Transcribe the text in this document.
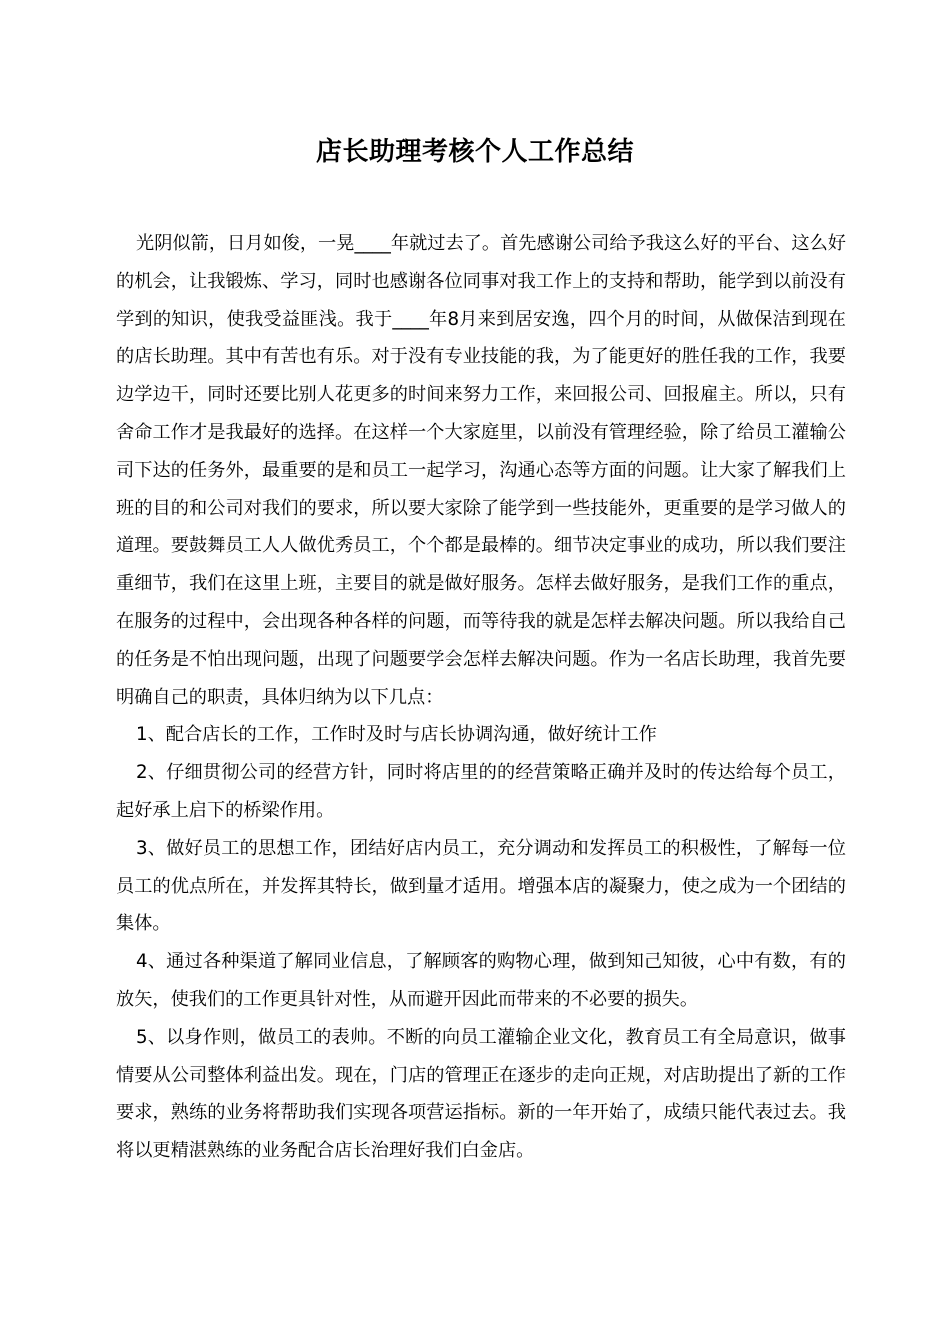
店长助理考核个人工作总结

光阴似箭，日月如俊，一晃____年就过去了。首先感谢公司给予我这么好的平台、这么好的机会，让我锻炼、学习，同时也感谢各位同事对我工作上的支持和帮助，能学到以前没有学到的知识，使我受益匪浅。我于____年8月来到居安逸，四个月的时间，从做保洁到现在的店长助理。其中有苦也有乐。对于没有专业技能的我，为了能更好的胜任我的工作，我要边学边干，同时还要比别人花更多的时间来努力工作，来回报公司、回报雇主。所以，只有舍命工作才是我最好的选择。在这样一个大家庭里，以前没有管理经验，除了给员工灌输公司下达的任务外，最重要的是和员工一起学习，沟通心态等方面的问题。让大家了解我们上班的目的和公司对我们的要求，所以要大家除了能学到一些技能外，更重要的是学习做人的道理。要鼓舞员工人人做优秀员工，个个都是最棒的。细节决定事业的成功，所以我们要注重细节，我们在这里上班，主要目的就是做好服务。怎样去做好服务，是我们工作的重点，在服务的过程中，会出现各种各样的问题，而等待我的就是怎样去解决问题。所以我给自己的任务是不怕出现问题，出现了问题要学会怎样去解决问题。作为一名店长助理，我首先要明确自己的职责，具体归纳为以下几点：

1、配合店长的工作，工作时及时与店长协调沟通，做好统计工作

2、仔细贯彻公司的经营方针，同时将店里的的经营策略正确并及时的传达给每个员工，起好承上启下的桥梁作用。

3、做好员工的思想工作，团结好店内员工，充分调动和发挥员工的积极性，了解每一位员工的优点所在，并发挥其特长，做到量才适用。增强本店的凝聚力，使之成为一个团结的集体。

4、通过各种渠道了解同业信息，了解顾客的购物心理，做到知己知彼，心中有数，有的放矢，使我们的工作更具针对性，从而避开因此而带来的不必要的损失。

5、以身作则，做员工的表帅。不断的向员工灌输企业文化，教育员工有全局意识，做事情要从公司整体利益出发。现在，门店的管理正在逐步的走向正规，对店助提出了新的工作要求，熟练的业务将帮助我们实现各项营运指标。新的一年开始了，成绩只能代表过去。我将以更精湛熟练的业务配合店长治理好我们白金店。
